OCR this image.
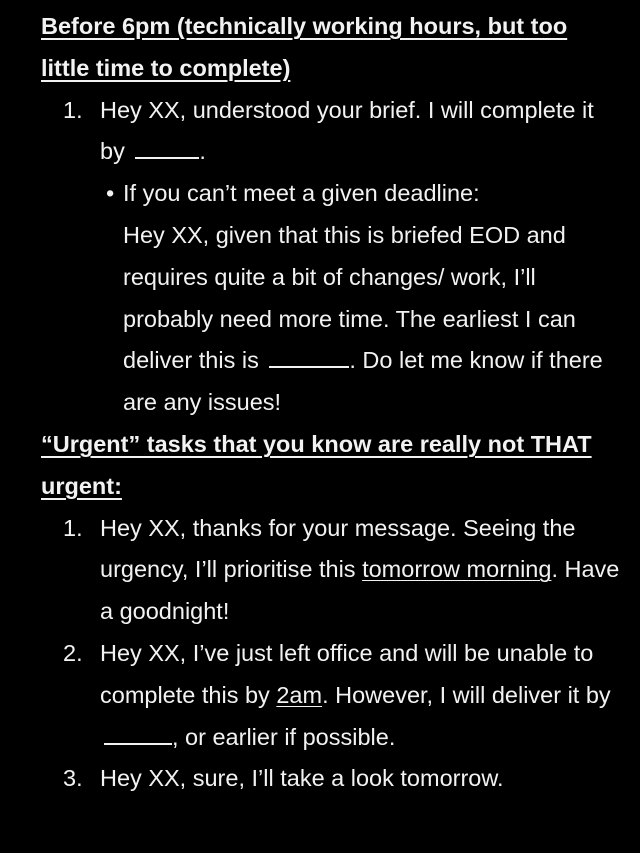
Before 6pm (technically working hours, but too little time to complete)
1. Hey XX, understood your brief. I will complete it by	.
• If you can’t meet a given deadline:
Hey XX, given that this is briefed EOD and requires quite a bit of changes/ work, I’ll probably need more time. The earliest I can deliver this is	. Do let me know if there are any issues!
“Urgent” tasks that you know are really not THAT urgent:
1. Hey XX, thanks for your message. Seeing the urgency, I’ll prioritise this tomorrow morning. Have a goodnight!
2. Hey XX, I’ve just left office and will be unable to complete this by 2am. However, I will deliver it by , or earlier if possible.
3. Hey XX, sure, I’ll take a look tomorrow.
